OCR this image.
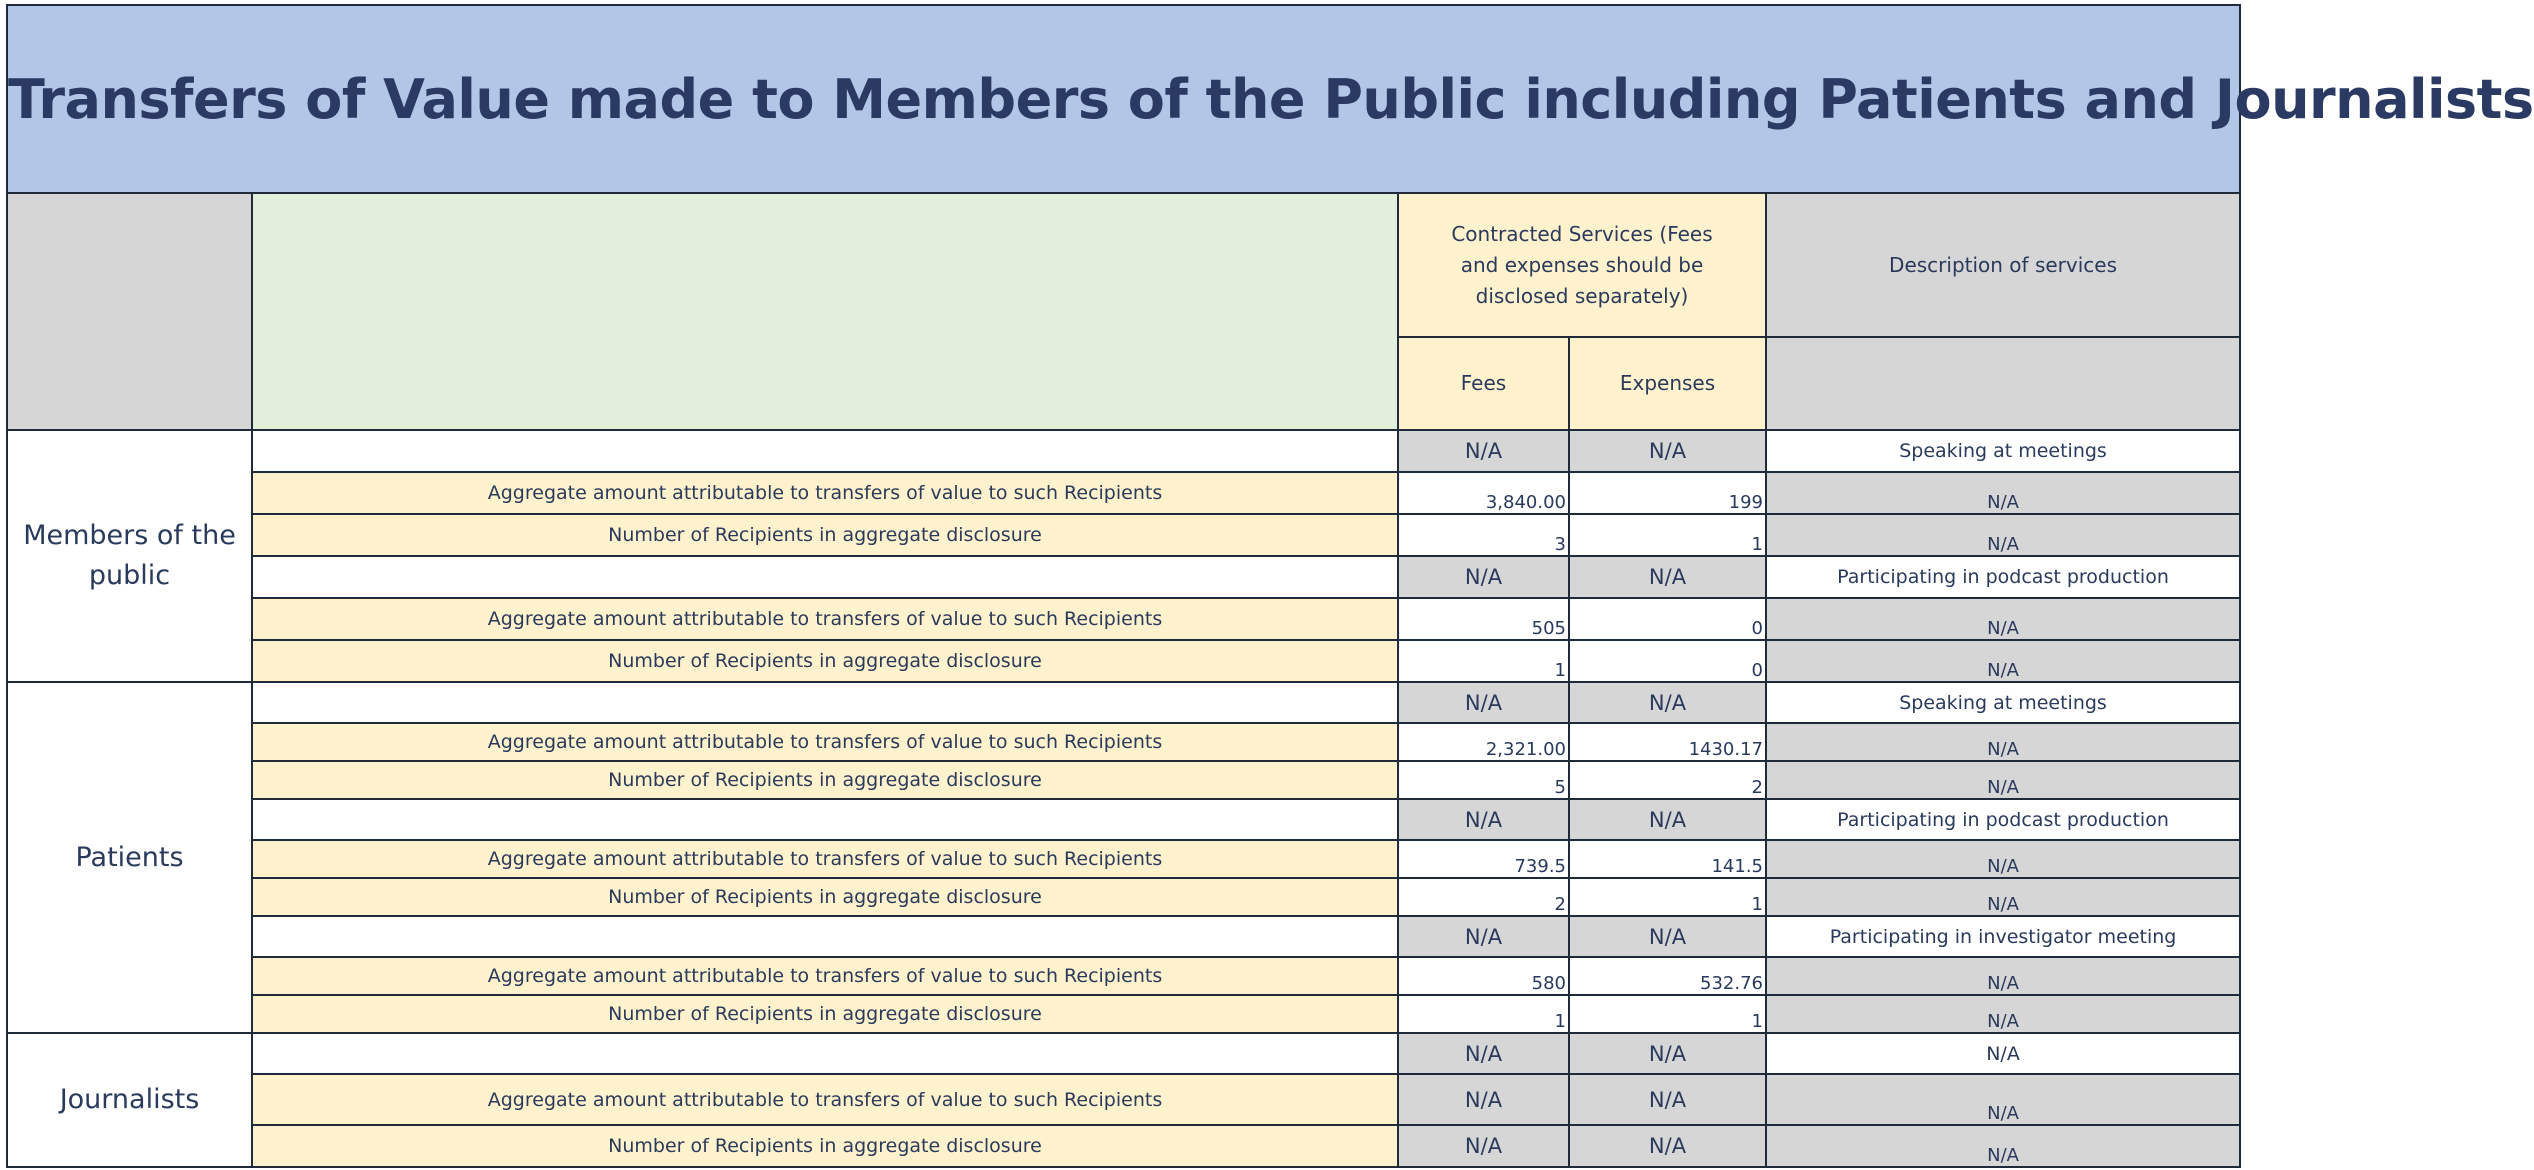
Transfers of Value made to Members of the Public including Patients and Journalists				

		Contracted Services (Fees and expenses should be disclosed separately)		Description of services
		Fees	Expenses	

Members of the public		N/A	N/A	Speaking at meetings
	Aggregate amount attributable to transfers of value to such Recipients	3,840.00	199	N/A
	Number of Recipients in aggregate disclosure	3	1	N/A
		N/A	N/A	Participating in podcast production
	Aggregate amount attributable to transfers of value to such Recipients	505	0	N/A
	Number of Recipients in aggregate disclosure	1	0	N/A

Patients		N/A	N/A	Speaking at meetings
	Aggregate amount attributable to transfers of value to such Recipients	2,321.00	1430.17	N/A
	Number of Recipients in aggregate disclosure	5	2	N/A
		N/A	N/A	Participating in podcast production
	Aggregate amount attributable to transfers of value to such Recipients	739.5	141.5	N/A
	Number of Recipients in aggregate disclosure	2	1	N/A
		N/A	N/A	Participating in investigator meeting
	Aggregate amount attributable to transfers of value to such Recipients	580	532.76	N/A
	Number of Recipients in aggregate disclosure	1	1	N/A

Journalists		N/A	N/A	N/A
	Aggregate amount attributable to transfers of value to such Recipients	N/A	N/A	N/A
	Number of Recipients in aggregate disclosure	N/A	N/A	N/A
